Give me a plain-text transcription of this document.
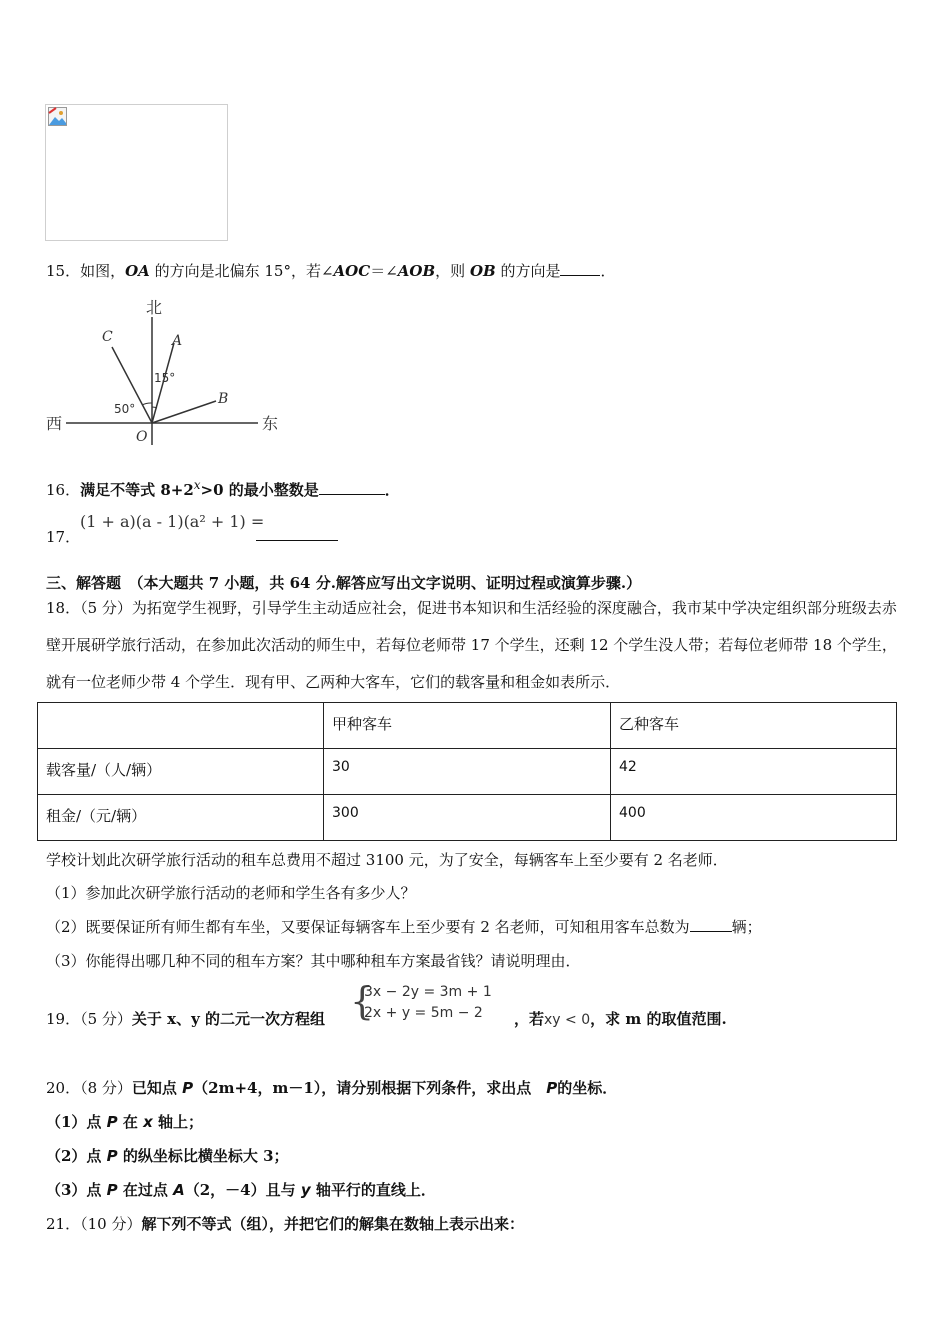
15．如图，OA 的方向是北偏东 15°，若∠AOC＝∠AOB，则 OB 的方向是	．
北
西	东
A
C
B
O
15°
50°
16．满足不等式 $8+2^x>0$ 的最小整数是	．
17．
(1 + a)(a - 1)(a² + 1) =
三、解答题　（本大题共 7 小题，共 64 分.解答应写出文字说明、证明过程或演算步骤.）
18．（5 分）为拓宽学生视野，引导学生主动适应社会，促进书本知识和生活经验的深度融合，我市某中学决定组织部分班级去赤壁开展研学旅行活动，在参加此次活动的师生中，若每位老师带 17 个学生，还剩 12 个学生没人带；若每位老师带 18 个学生，就有一位老师少带 4 个学生．现有甲、乙两种大客车，它们的载客量和租金如表所示．
	甲种客车	乙种客车
载客量/（人/辆）	30	42
租金/（元/辆）	300	400
学校计划此次研学旅行活动的租车总费用不超过 3100 元，为了安全，每辆客车上至少要有 2 名老师．
（1）参加此次研学旅行活动的老师和学生各有多少人？
（2）既要保证所有师生都有车坐，又要保证每辆客车上至少要有 2 名老师，可知租用客车总数为	辆；
（3）你能得出哪几种不同的租车方案？其中哪种租车方案最省钱？请说明理由．
19．（5 分）关于 x、y 的二元一次方程组 {
3x − 2y = 3m + 1
2x + y = 5m − 2 ，若xy < 0，求 m 的取值范围.
20．（8 分）已知点 P（2m+4，m－1），请分别根据下列条件，求出点　P的坐标．
（1）点 P 在 x 轴上；
（2）点 P 的纵坐标比横坐标大 3；
（3）点 P 在过点 A（2，－4）且与 y 轴平行的直线上．
21．（10 分）解下列不等式（组），并把它们的解集在数轴上表示出来：
